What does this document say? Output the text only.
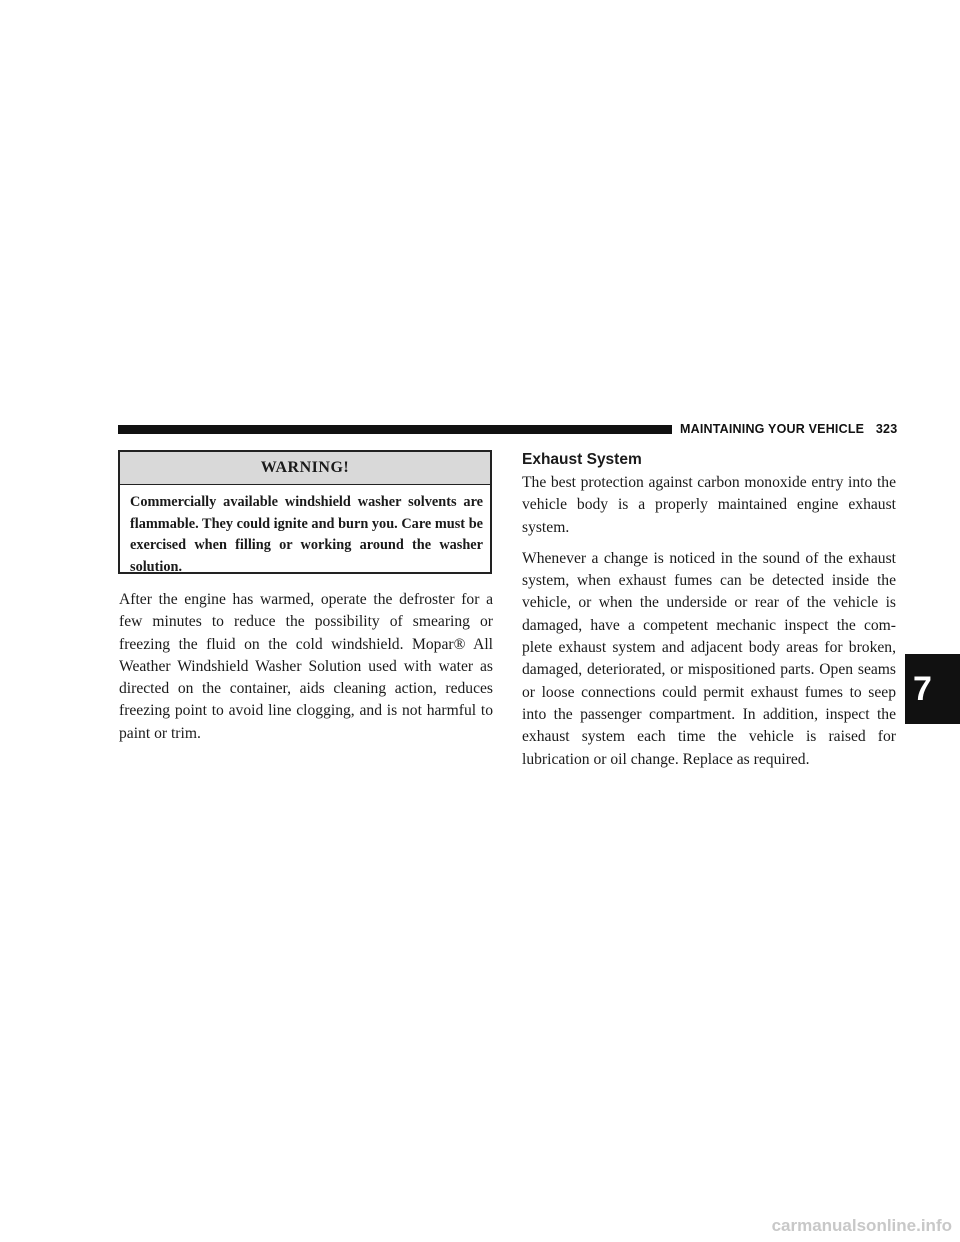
MAINTAINING YOUR VEHICLE 323
WARNING!
Commercially available windshield washer solvents are flammable. They could ignite and burn you. Care must be exercised when filling or working around the washer solution.
After the engine has warmed, operate the defroster for a few minutes to reduce the possibility of smearing or freezing the fluid on the cold windshield. Mopar® All Weather Windshield Washer Solution used with water as directed on the container, aids cleaning action, reduces freezing point to avoid line clogging, and is not harmful to paint or trim.
Exhaust System

The best protection against carbon monoxide entry into the vehicle body is a properly maintained engine exhaust system.

Whenever a change is noticed in the sound of the exhaust system, when exhaust fumes can be detected inside the vehicle, or when the underside or rear of the vehicle is damaged, have a competent mechanic inspect the com-plete exhaust system and adjacent body areas for broken, damaged, deteriorated, or mispositioned parts. Open seams or loose connections could permit exhaust fumes to seep into the passenger compartment. In addition, inspect the exhaust system each time the vehicle is raised for lubrication or oil change. Replace as required.

7
carmanualsonline.info
